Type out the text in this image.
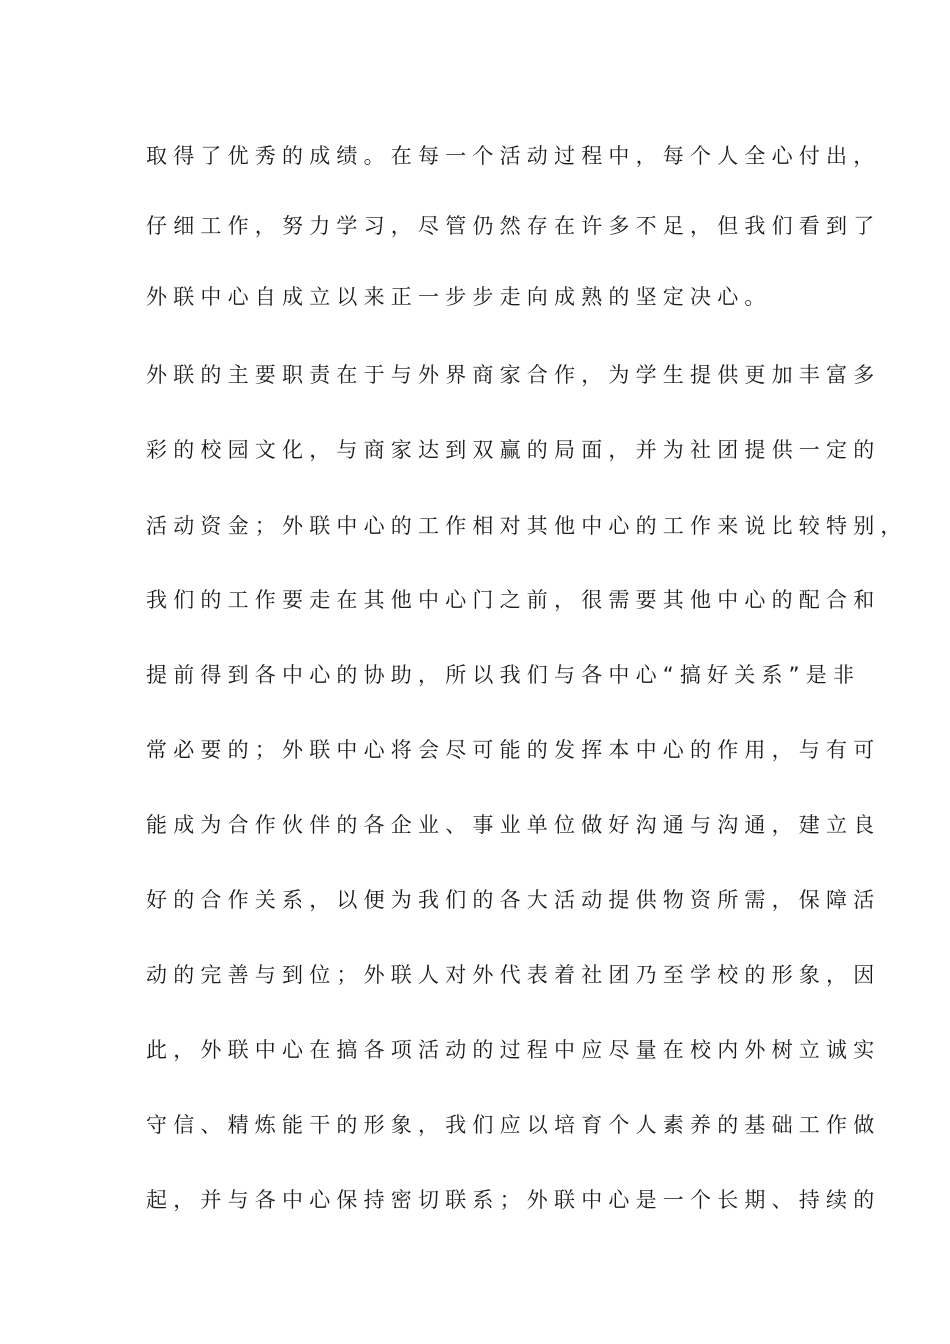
取得了优秀的成绩。在每一个活动过程中，每个人全心付出，
仔细工作，努力学习，尽管仍然存在许多不足，但我们看到了
外联中心自成立以来正一步步走向成熟的坚定决心。
外联的主要职责在于与外界商家合作，为学生提供更加丰富多
彩的校园文化，与商家达到双赢的局面，并为社团提供一定的
活动资金；外联中心的工作相对其他中心的工作来说比较特别，
我们的工作要走在其他中心门之前，很需要其他中心的配合和
提前得到各中心的协助，所以我们与各中心“搞好关系”是非
常必要的；外联中心将会尽可能的发挥本中心的作用，与有可
能成为合作伙伴的各企业、事业单位做好沟通与沟通，建立良
好的合作关系，以便为我们的各大活动提供物资所需，保障活
动的完善与到位；外联人对外代表着社团乃至学校的形象，因
此，外联中心在搞各项活动的过程中应尽量在校内外树立诚实
守信、精炼能干的形象，我们应以培育个人素养的基础工作做
起，并与各中心保持密切联系；外联中心是一个长期、持续的
